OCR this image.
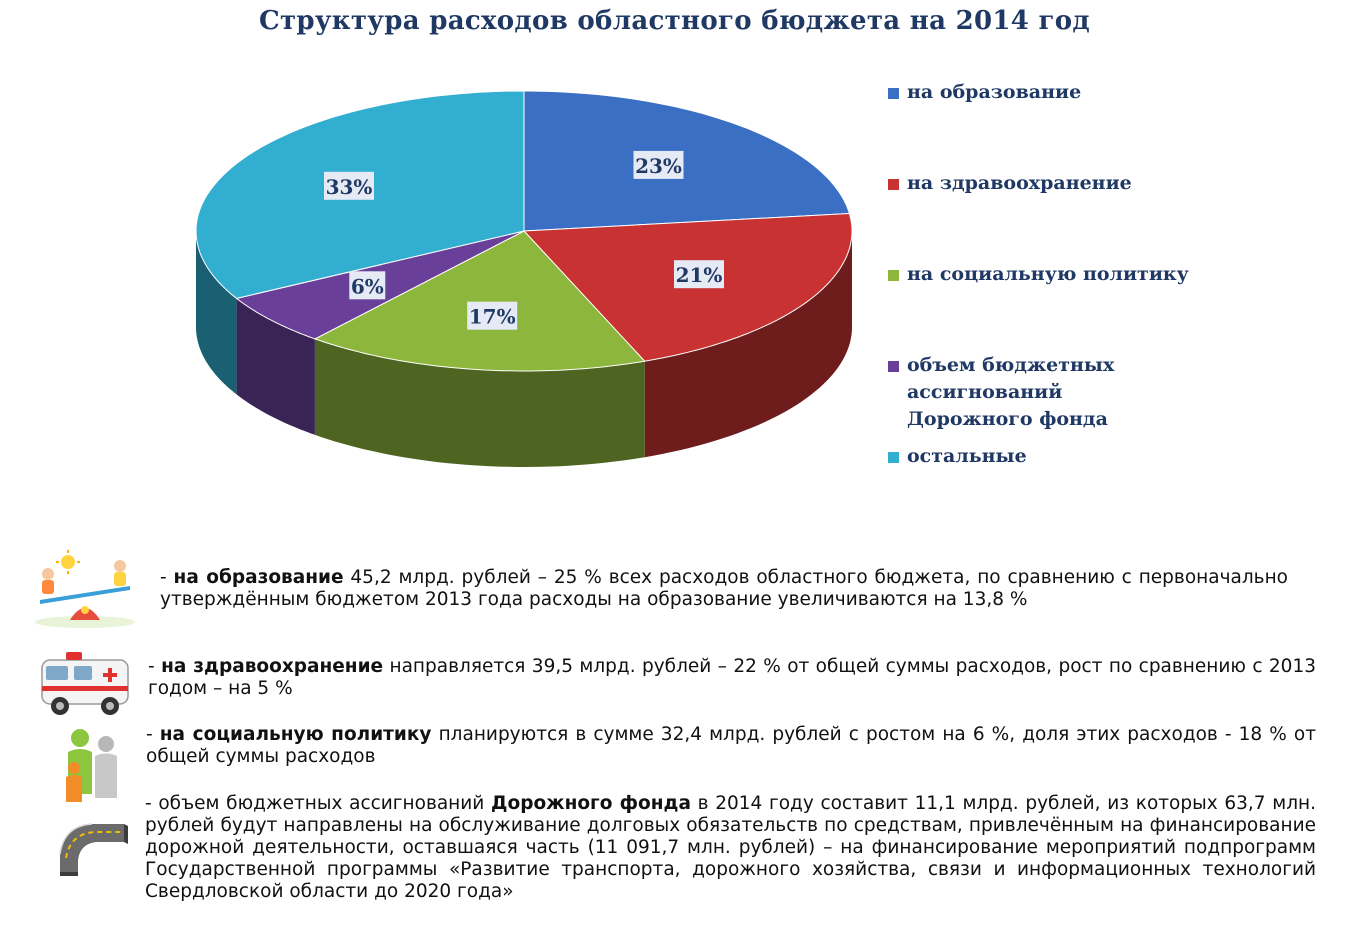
Структура расходов областного бюджета на 2014 год
23%
21%
17%
6%
33%
на образование
на здравоохранение
на социальную политику
объем бюджетных ассигнований Дорожного фонда
остальные
- на образование 45,2 млрд. рублей – 25 % всех расходов областного бюджета, по сравнению с первоначально утверждённым бюджетом 2013 года расходы на образование увеличиваются на 13,8 %
- на здравоохранение направляется 39,5 млрд. рублей – 22 % от общей суммы расходов, рост по сравнению с 2013 годом – на 5 %
- на социальную политику планируются в сумме 32,4 млрд. рублей с ростом на 6 %, доля этих расходов - 18 % от общей суммы расходов
- объем бюджетных ассигнований Дорожного фонда в 2014 году составит 11,1 млрд. рублей, из которых 63,7 млн. рублей будут направлены на обслуживание долговых обязательств по средствам, привлечённым на финансирование дорожной деятельности, оставшаяся часть (11 091,7 млн. рублей) – на финансирование мероприятий подпрограмм Государственной программы «Развитие транспорта, дорожного хозяйства, связи и информационных технологий Свердловской области до 2020 года»
